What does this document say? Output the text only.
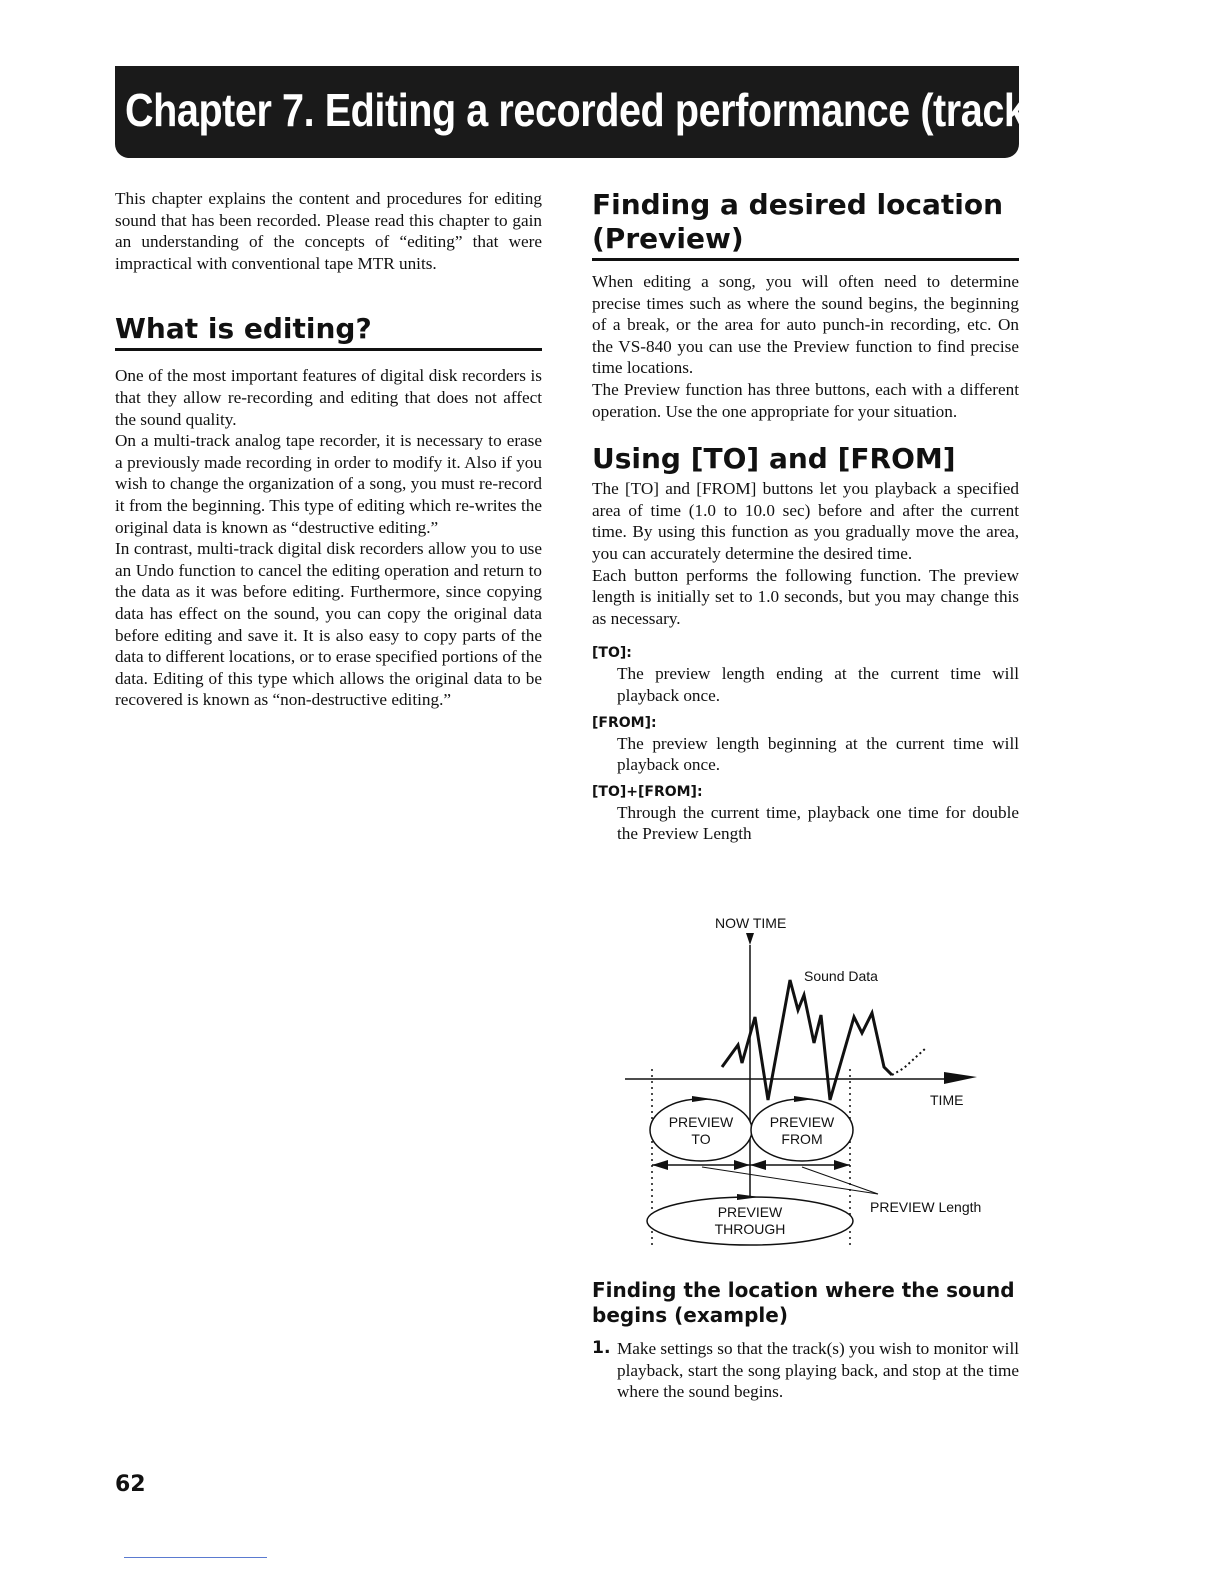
Chapter 7. Editing a recorded performance (track editing)

This chapter explains the content and procedures for editing sound that has been recorded. Please read this chapter to gain an understanding of the concepts of “editing” that were impractical with conventional tape MTR units.

What is editing?

One of the most important features of digital disk recorders is that they allow re-recording and editing that does not affect the sound quality.

On a multi-track analog tape recorder, it is necessary to erase a previously made recording in order to modify it. Also if you wish to change the organization of a song, you must re-record it from the beginning. This type of editing which re-writes the original data is known as “destructive editing.”

In contrast, multi-track digital disk recorders allow you to use an Undo function to cancel the editing operation and return to the data as it was before editing. Furthermore, since copying data has effect on the sound, you can copy the original data before editing and save it. It is also easy to copy parts of the data to different locations, or to erase specified portions of the data. Editing of this type which allows the original data to be recovered is known as “non-destructive editing.”

Finding a desired location (Preview)

When editing a song, you will often need to determine precise times such as where the sound begins, the beginning of a break, or the area for auto punch-in recording, etc. On the VS-840 you can use the Preview function to find precise time locations.

The Preview function has three buttons, each with a different operation. Use the one appropriate for your situation.

Using [TO] and [FROM]

The [TO] and [FROM] buttons let you playback a specified area of time (1.0 to 10.0 sec) before and after the current time. By using this function as you gradually move the area, you can accurately determine the desired time.

Each button performs the following function. The preview length is initially set to 1.0 seconds, but you may change this as necessary.

[TO]:

The preview length ending at the current time will playback once.

[FROM]:

The preview length beginning at the current time will playback once.

[TO]+[FROM]:

Through the current time, playback one time for double the Preview Length

NOW TIME
Sound Data
TIME
PREVIEW
TO
PREVIEW
FROM
PREVIEW Length
PREVIEW
THROUGH
Finding the location where the sound begins (example)
1. Make settings so that the track(s) you wish to monitor will playback, start the song playing back, and stop at the time where the sound begins.

62
